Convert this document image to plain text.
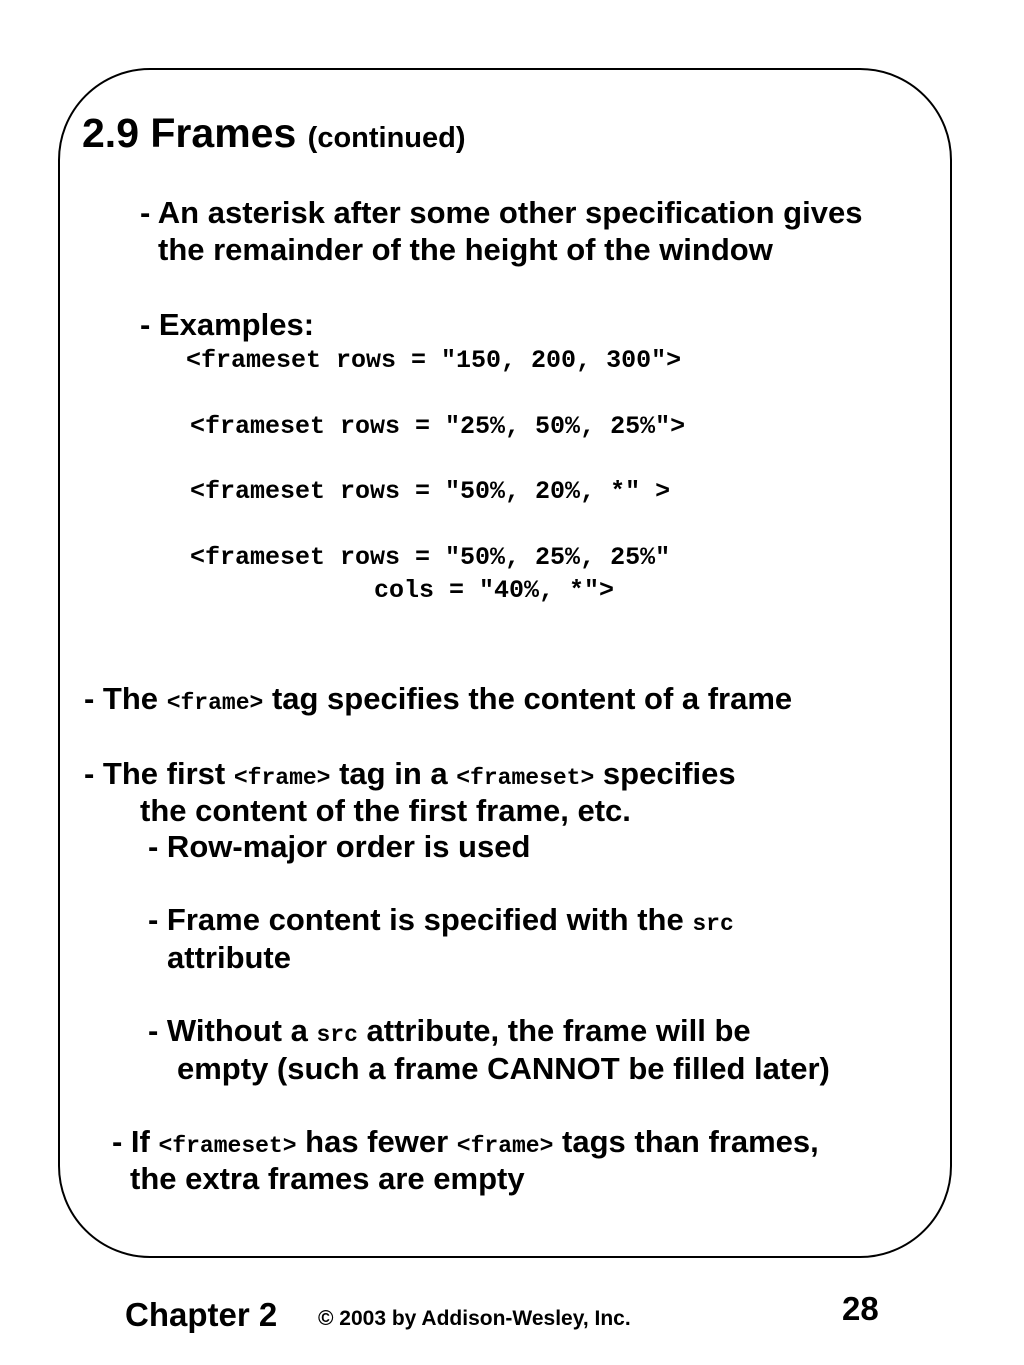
2.9 Frames (continued)
- An asterisk after some other specification gives
the remainder of the height of the window
- Examples:
<frameset rows = "150, 200, 300">
<frameset rows = "25%, 50%, 25%">
<frameset rows = "50%, 20%, *" >
<frameset rows = "50%, 25%, 25%"
cols = "40%, *">
- The <frame> tag specifies the content of a frame
- The first <frame> tag in a <frameset> specifies
the content of the first frame, etc.
- Row-major order is used
- Frame content is specified with the src
attribute
- Without a src attribute, the frame will be
empty (such a frame CANNOT be filled later)
- If <frameset> has fewer <frame> tags than frames,
the extra frames are empty
Chapter 2 © 2003 by Addison-Wesley, Inc.	28
